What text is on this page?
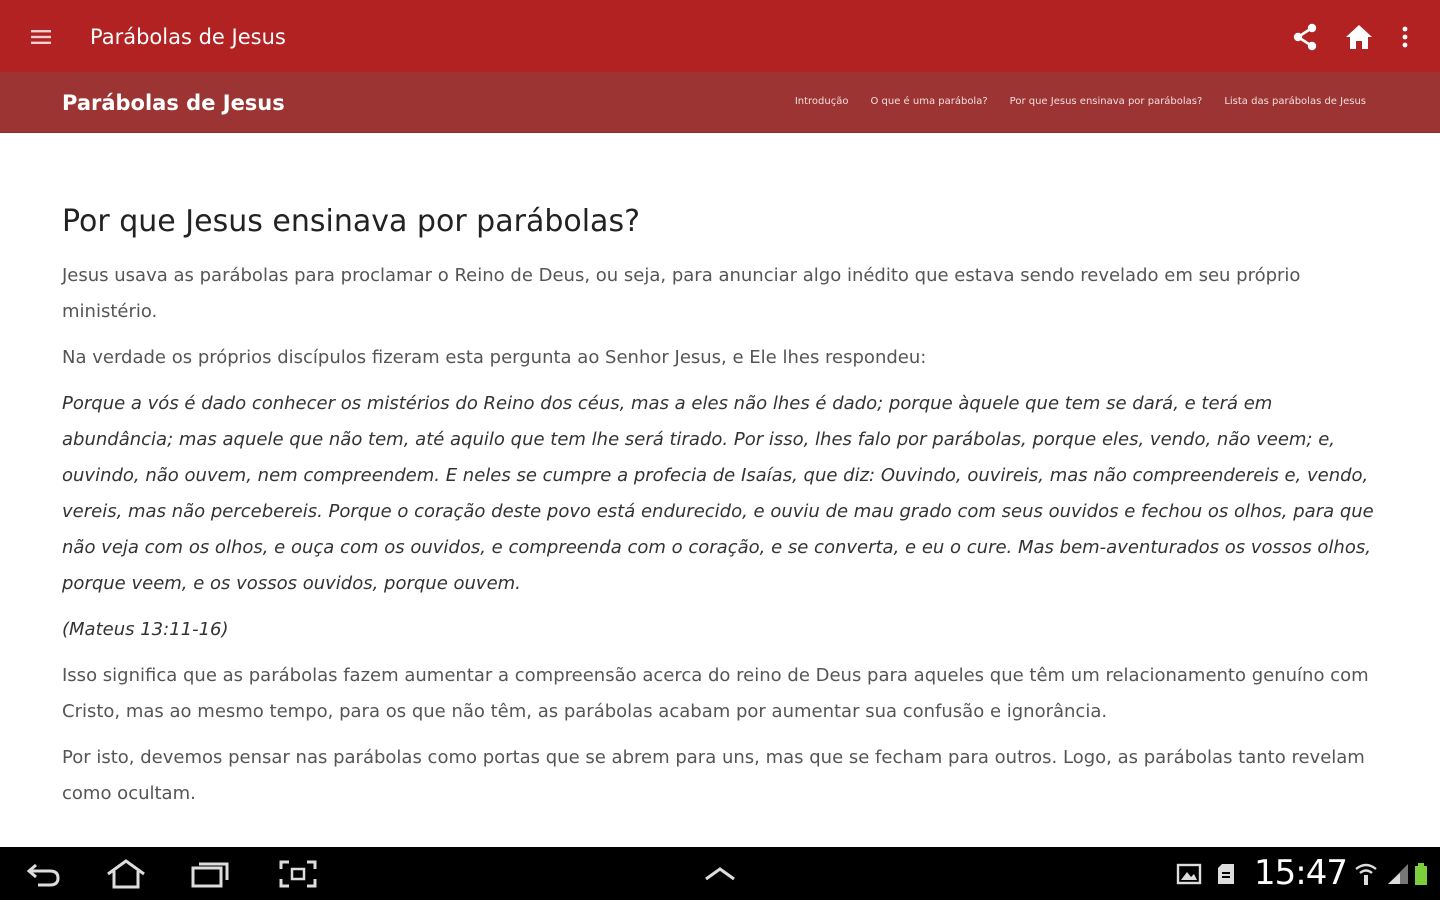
Parábolas de Jesus
Parábolas de Jesus	Introdução O que é uma parábola? Por que Jesus ensinava por parábolas? Lista das parábolas de Jesus
Por que Jesus ensinava por parábolas?

Jesus usava as parábolas para proclamar o Reino de Deus, ou seja, para anunciar algo inédito que estava sendo revelado em seu próprio ministério.

Na verdade os próprios discípulos fizeram esta pergunta ao Senhor Jesus, e Ele lhes respondeu:

Porque a vós é dado conhecer os mistérios do Reino dos céus, mas a eles não lhes é dado; porque àquele que tem se dará, e terá em abundância; mas aquele que não tem, até aquilo que tem lhe será tirado. Por isso, lhes falo por parábolas, porque eles, vendo, não veem; e, ouvindo, não ouvem, nem compreendem. E neles se cumpre a profecia de Isaías, que diz: Ouvindo, ouvireis, mas não compreendereis e, vendo, vereis, mas não percebereis. Porque o coração deste povo está endurecido, e ouviu de mau grado com seus ouvidos e fechou os olhos, para que não veja com os olhos, e ouça com os ouvidos, e compreenda com o coração, e se converta, e eu o cure. Mas bem-aventurados os vossos olhos, porque veem, e os vossos ouvidos, porque ouvem.

(Mateus 13:11-16)

Isso significa que as parábolas fazem aumentar a compreensão acerca do reino de Deus para aqueles que têm um relacionamento genuíno com Cristo, mas ao mesmo tempo, para os que não têm, as parábolas acabam por aumentar sua confusão e ignorância.

Por isto, devemos pensar nas parábolas como portas que se abrem para uns, mas que se fecham para outros. Logo, as parábolas tanto revelam como ocultam.

15:47
